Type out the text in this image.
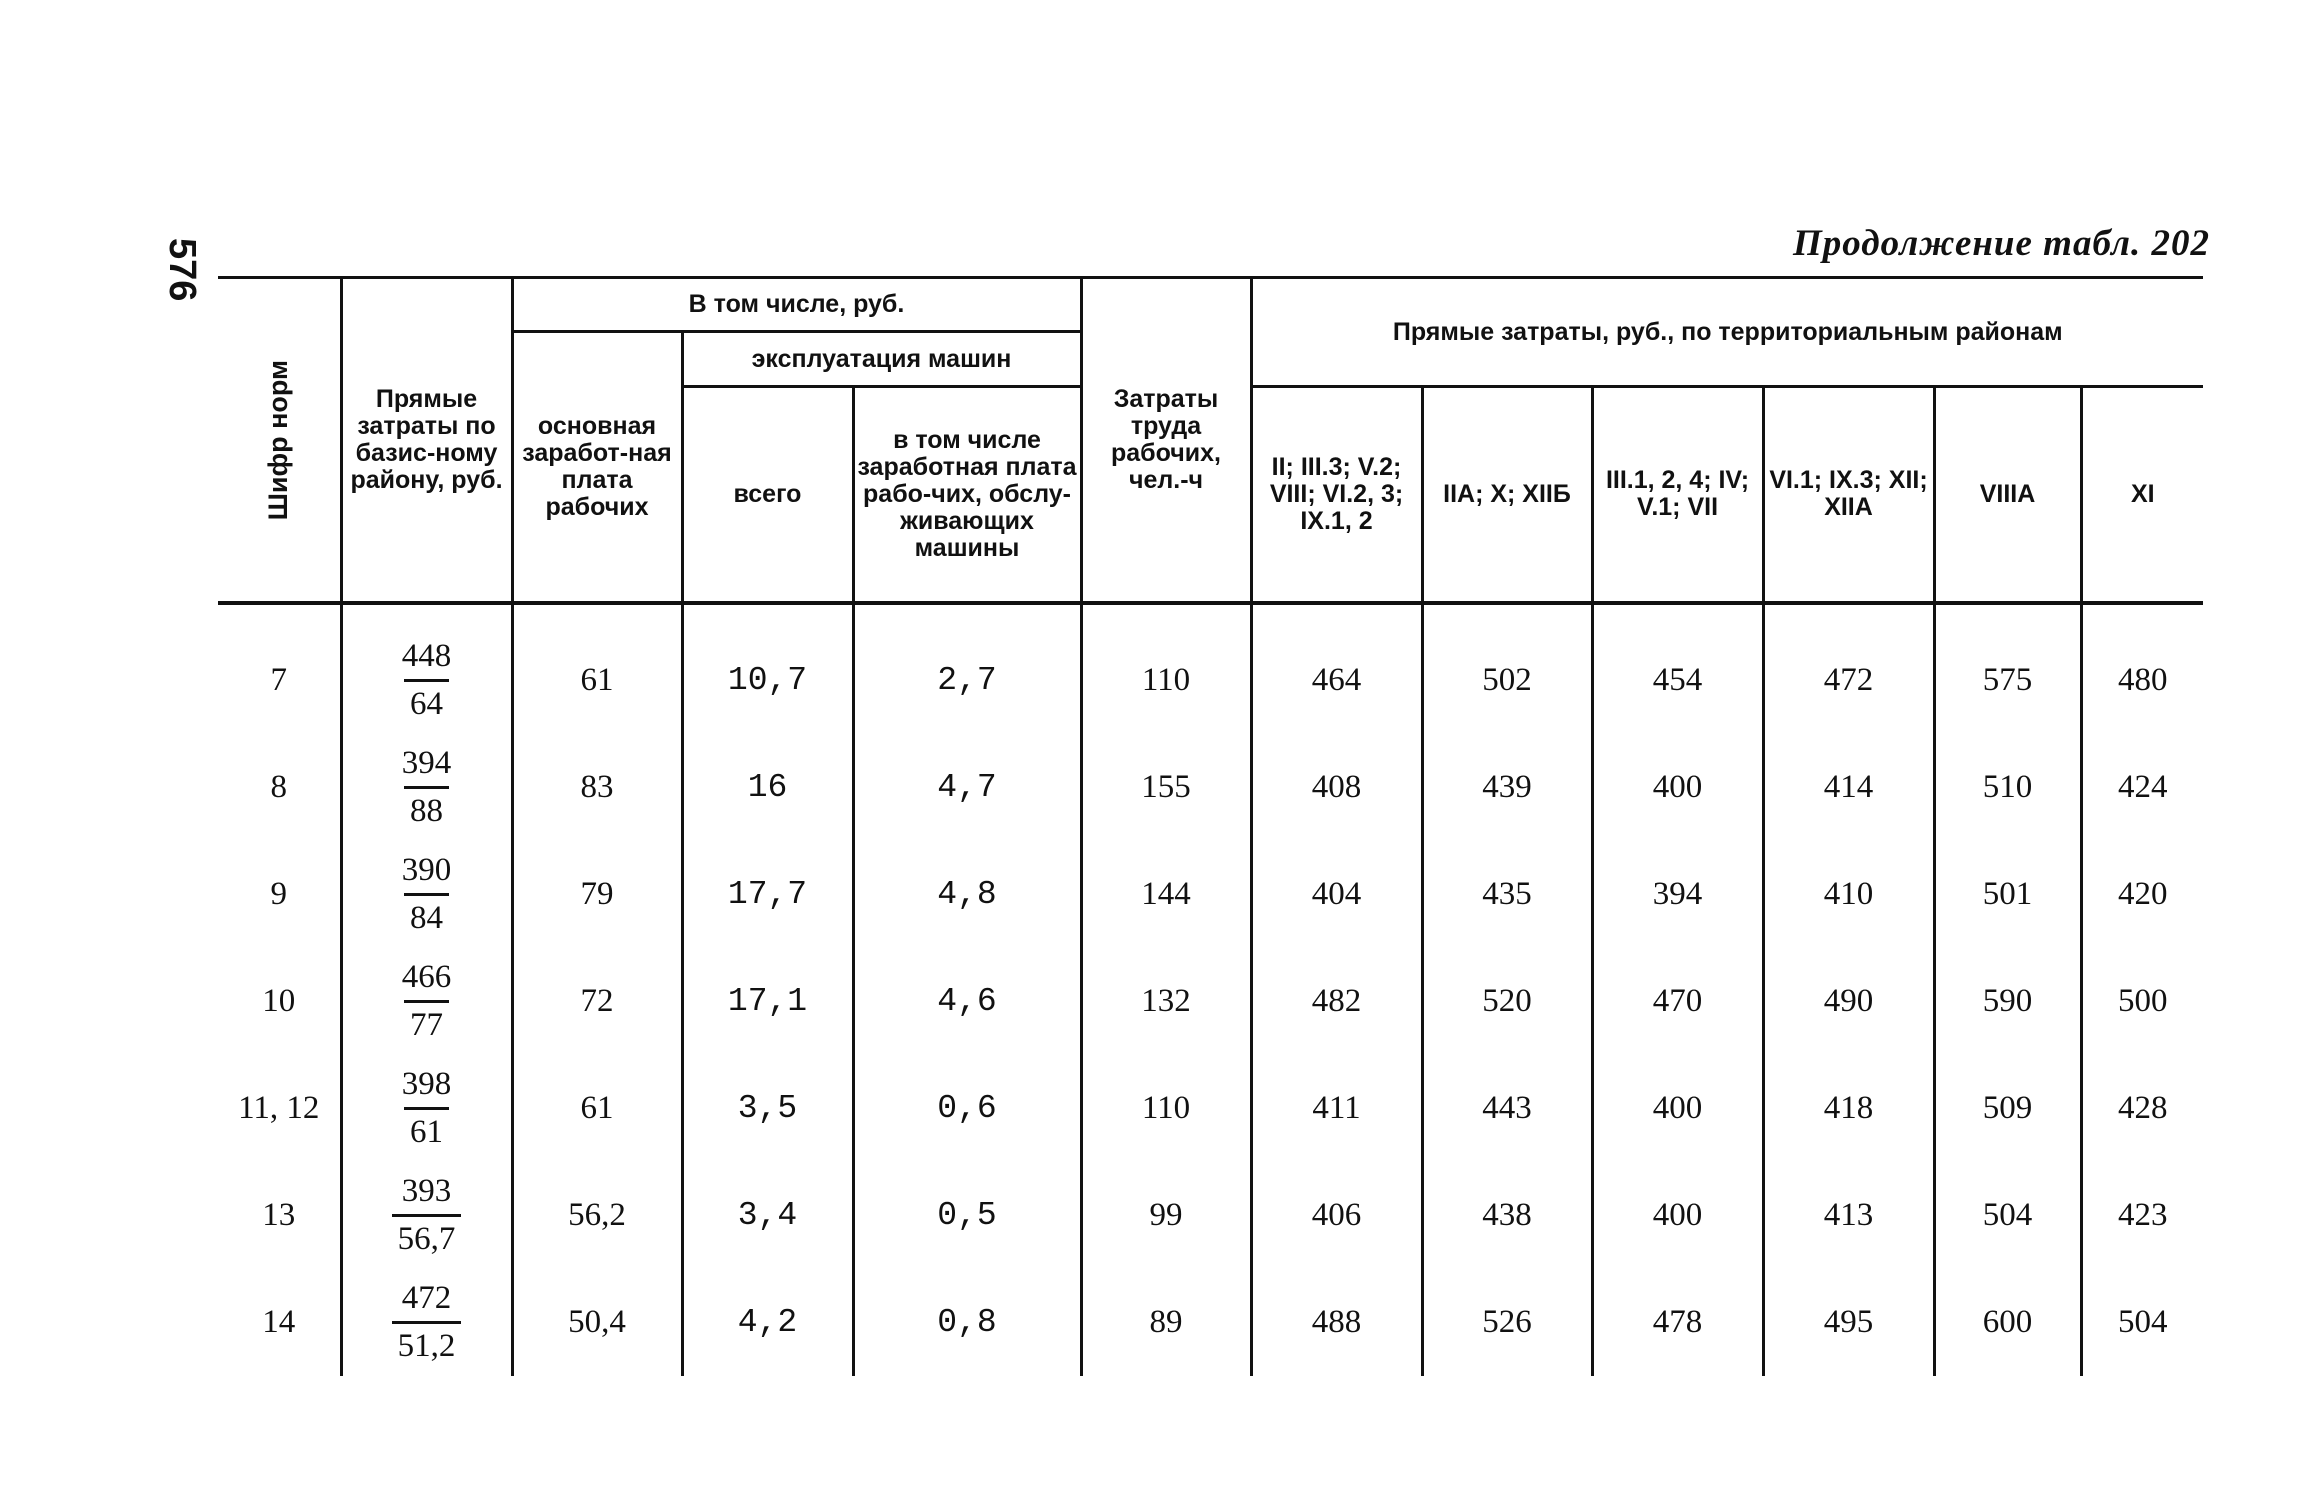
576	Продолжение табл. 202
Шифр норм	Прямые затраты по базис-ному району, руб.	В том числе, руб.			Затраты труда рабочих, чел.-ч	Прямые затраты, руб., по территориальным районам					
		основная заработ-ная плата рабочих	эксплуатация машин								
			всего	в том числе заработная плата рабо-чих, обслу-живающих машины		II; III.3; V.2; VIII; VI.2, 3; IX.1, 2	IIA; X; XIIБ	III.1, 2, 4; IV; V.1; VII	VI.1; IX.3; XII; XIIA	VIIIA	XI
7	$\frac{448}{64}$	61	10,7	2,7	110	464	502	454	472	575	480
8	$\frac{394}{88}$	83	16	4,7	155	408	439	400	414	510	424
9	$\frac{390}{84}$	79	17,7	4,8	144	404	435	394	410	501	420
10	$\frac{466}{77}$	72	17,1	4,6	132	482	520	470	490	590	500
11, 12	$\frac{398}{61}$	61	3,5	0,6	110	411	443	400	418	509	428
13	$\frac{393}{56,7}$	56,2	3,4	0,5	99	406	438	400	413	504	423
14	$\frac{472}{51,2}$	50,4	4,2	0,8	89	488	526	478	495	600	504
